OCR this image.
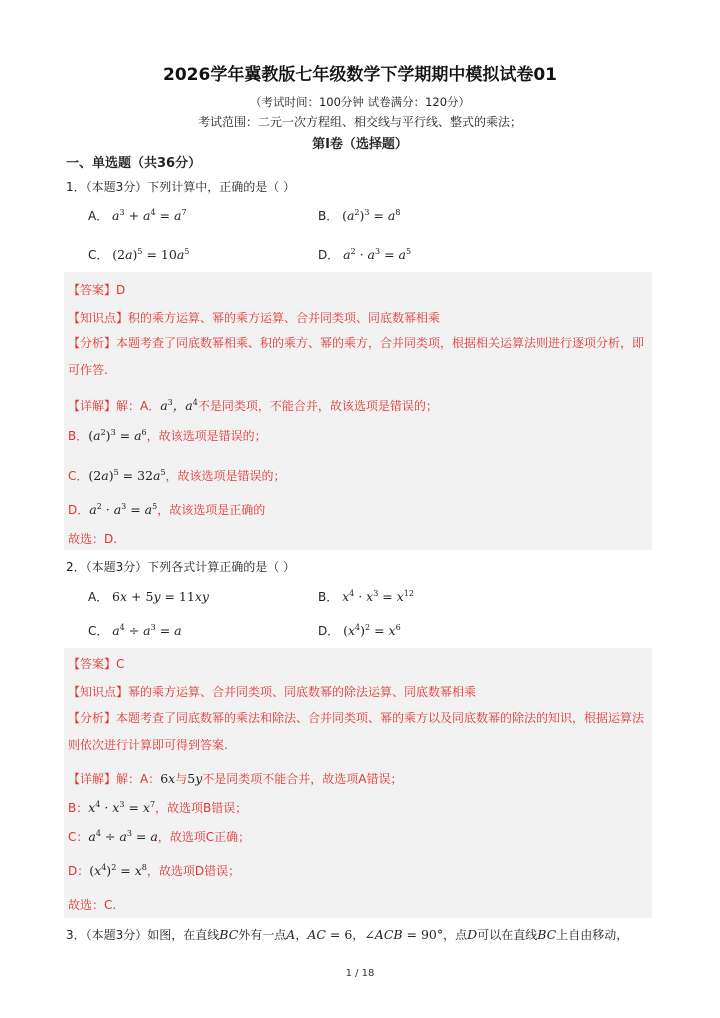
2026学年冀教版七年级数学下学期期中模拟试卷01
（考试时间：100分钟 试卷满分：120分）
考试范围：二元一次方程组、相交线与平行线、整式的乘法；
第Ⅰ卷（选择题）
一、单选题（共36分）
1．（本题3分）下列计算中，正确的是（ ）
A． $a^3 + a^4 = a^7$	B． $(a^2)^3 = a^8$
C． $(2a)^5 = 10a^5$	D． $a^2 \cdot a^3 = a^5$
【答案】D
【知识点】积的乘方运算、幂的乘方运算、合并同类项、同底数幂相乘
【分析】本题考查了同底数幂相乘、积的乘方、幂的乘方，合并同类项，根据相关运算法则进行逐项分析，即可作答.
【详解】解：A．$a^3$，$a^4$不是同类项，不能合并，故该选项是错误的；
B．$(a^2)^3 = a^6$，故该选项是错误的；
C．$(2a)^5 = 32a^5$，故该选项是错误的；
D．$a^2 \cdot a^3 = a^5$，故该选项是正确的
故选：D.
2．（本题3分）下列各式计算正确的是（ ）
A． 6x + 5y = 11xy	B． $x^4 \cdot x^3 = x^{12}$
C． $a^4 \div a^3 = a$	D． $(x^4)^2 = x^6$
【答案】C
【知识点】幂的乘方运算、合并同类项、同底数幂的除法运算、同底数幂相乘
【分析】本题考查了同底数幂的乘法和除法、合并同类项、幂的乘方以及同底数幂的除法的知识，根据运算法则依次进行计算即可得到答案.
【详解】解：A：6x与5y不是同类项不能合并，故选项A错误；
B：$x^4 \cdot x^3 = x^7$，故选项B错误；
C：$a^4 \div a^3 = a$，故选项C正确；
D：$(x^4)^2 = x^8$，故选项D错误；
故选：C.
3．（本题3分）如图，在直线BC外有一点A，AC = 6，∠ACB = 90°，点D可以在直线BC上自由移动，
1 / 18
